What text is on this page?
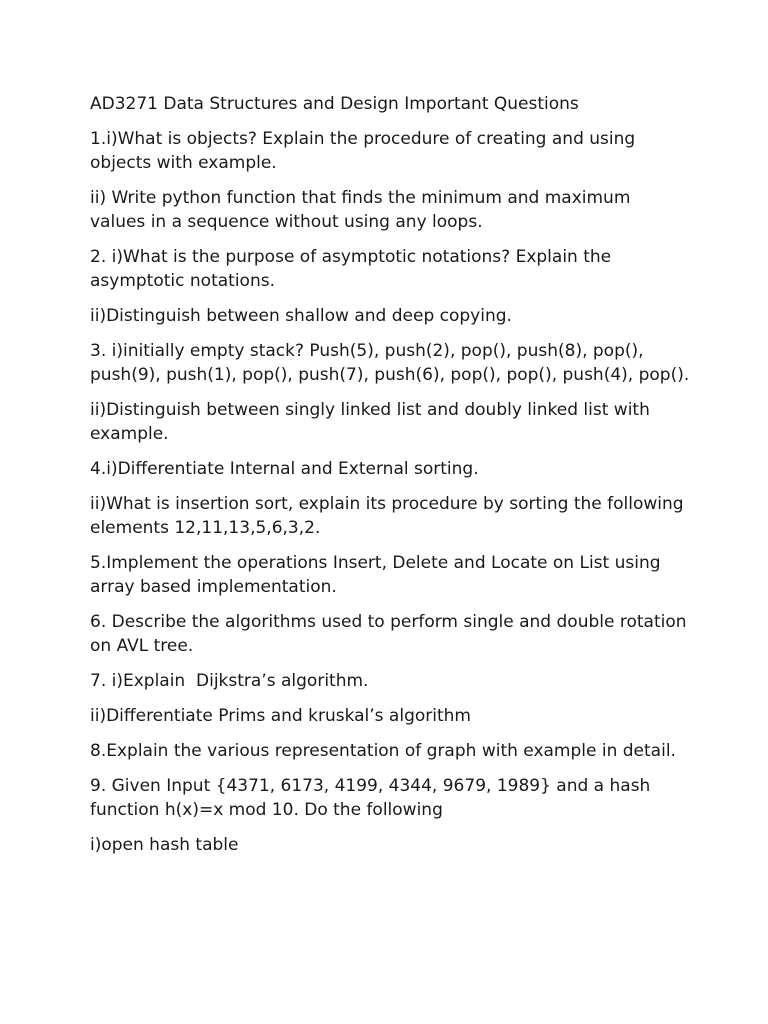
AD3271 Data Structures and Design Important Questions
1.i)What is objects? Explain the procedure of creating and using objects with example.
ii) Write python function that finds the minimum and maximum values in a sequence without using any loops.
2. i)What is the purpose of asymptotic notations? Explain the asymptotic notations.
ii)Distinguish between shallow and deep copying.
3. i)initially empty stack? Push(5), push(2), pop(), push(8), pop(), push(9), push(1), pop(), push(7), push(6), pop(), pop(), push(4), pop().
ii)Distinguish between singly linked list and doubly linked list with example.
4.i)Differentiate Internal and External sorting.
ii)What is insertion sort, explain its procedure by sorting the following elements 12,11,13,5,6,3,2.
5.Implement the operations Insert, Delete and Locate on List using array based implementation.
6. Describe the algorithms used to perform single and double rotation on AVL tree.
7. i)Explain  Dijkstra’s algorithm.
ii)Differentiate Prims and kruskal’s algorithm
8.Explain the various representation of graph with example in detail.
9. Given Input {4371, 6173, 4199, 4344, 9679, 1989} and a hash function h(x)=x mod 10. Do the following
i)open hash table
